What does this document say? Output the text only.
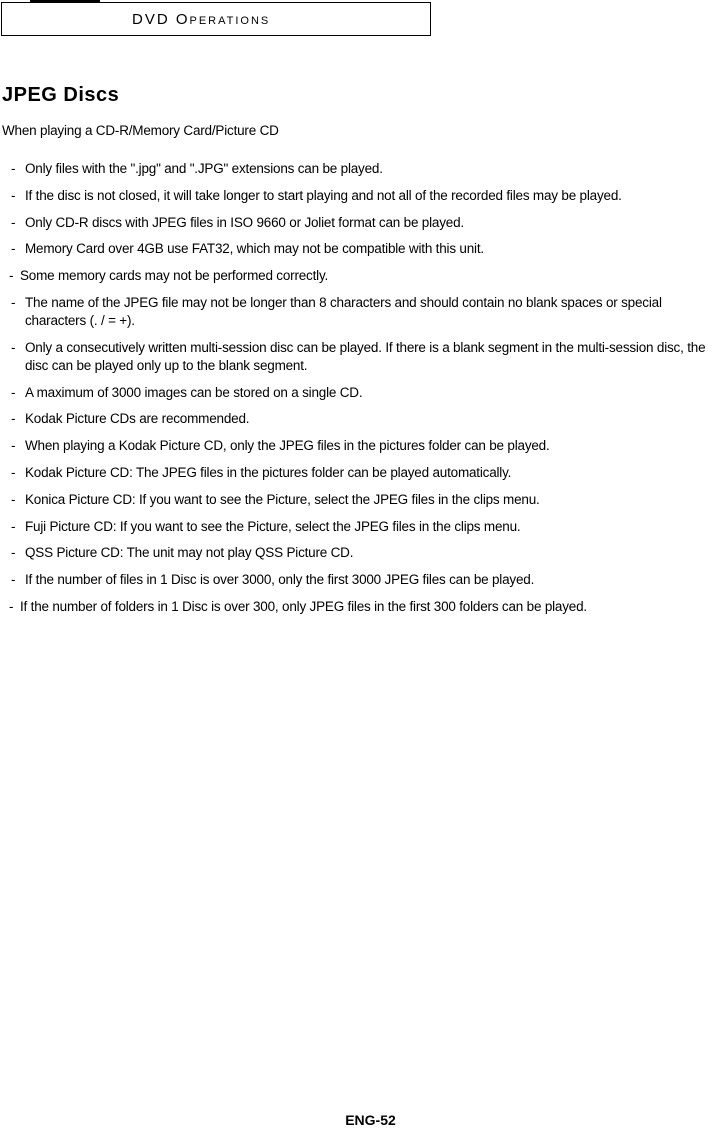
DVD Operations
JPEG Discs

When playing a CD-R/Memory Card/Picture CD

- Only files with the ".jpg" and ".JPG" extensions can be played.
- If the disc is not closed, it will take longer to start playing and not all of the recorded files may be played.
- Only CD-R discs with JPEG files in ISO 9660 or Joliet format can be played.
- Memory Card over 4GB use FAT32, which may not be compatible with this unit.
- Some memory cards may not be performed correctly.
- The name of the JPEG file may not be longer than 8 characters and should contain no blank spaces or special characters (. / = +).
- Only a consecutively written multi-session disc can be played. If there is a blank segment in the multi-session disc, the disc can be played only up to the blank segment.
- A maximum of 3000 images can be stored on a single CD.
- Kodak Picture CDs are recommended.
- When playing a Kodak Picture CD, only the JPEG files in the pictures folder can be played.
- Kodak Picture CD: The JPEG files in the pictures folder can be played automatically.
- Konica Picture CD: If you want to see the Picture, select the JPEG files in the clips menu.
- Fuji Picture CD: If you want to see the Picture, select the JPEG files in the clips menu.
- QSS Picture CD: The unit may not play QSS Picture CD.
- If the number of files in 1 Disc is over 3000, only the first 3000 JPEG files can be played.
- If the number of folders in 1 Disc is over 300, only JPEG files in the first 300 folders can be played.
ENG-52
